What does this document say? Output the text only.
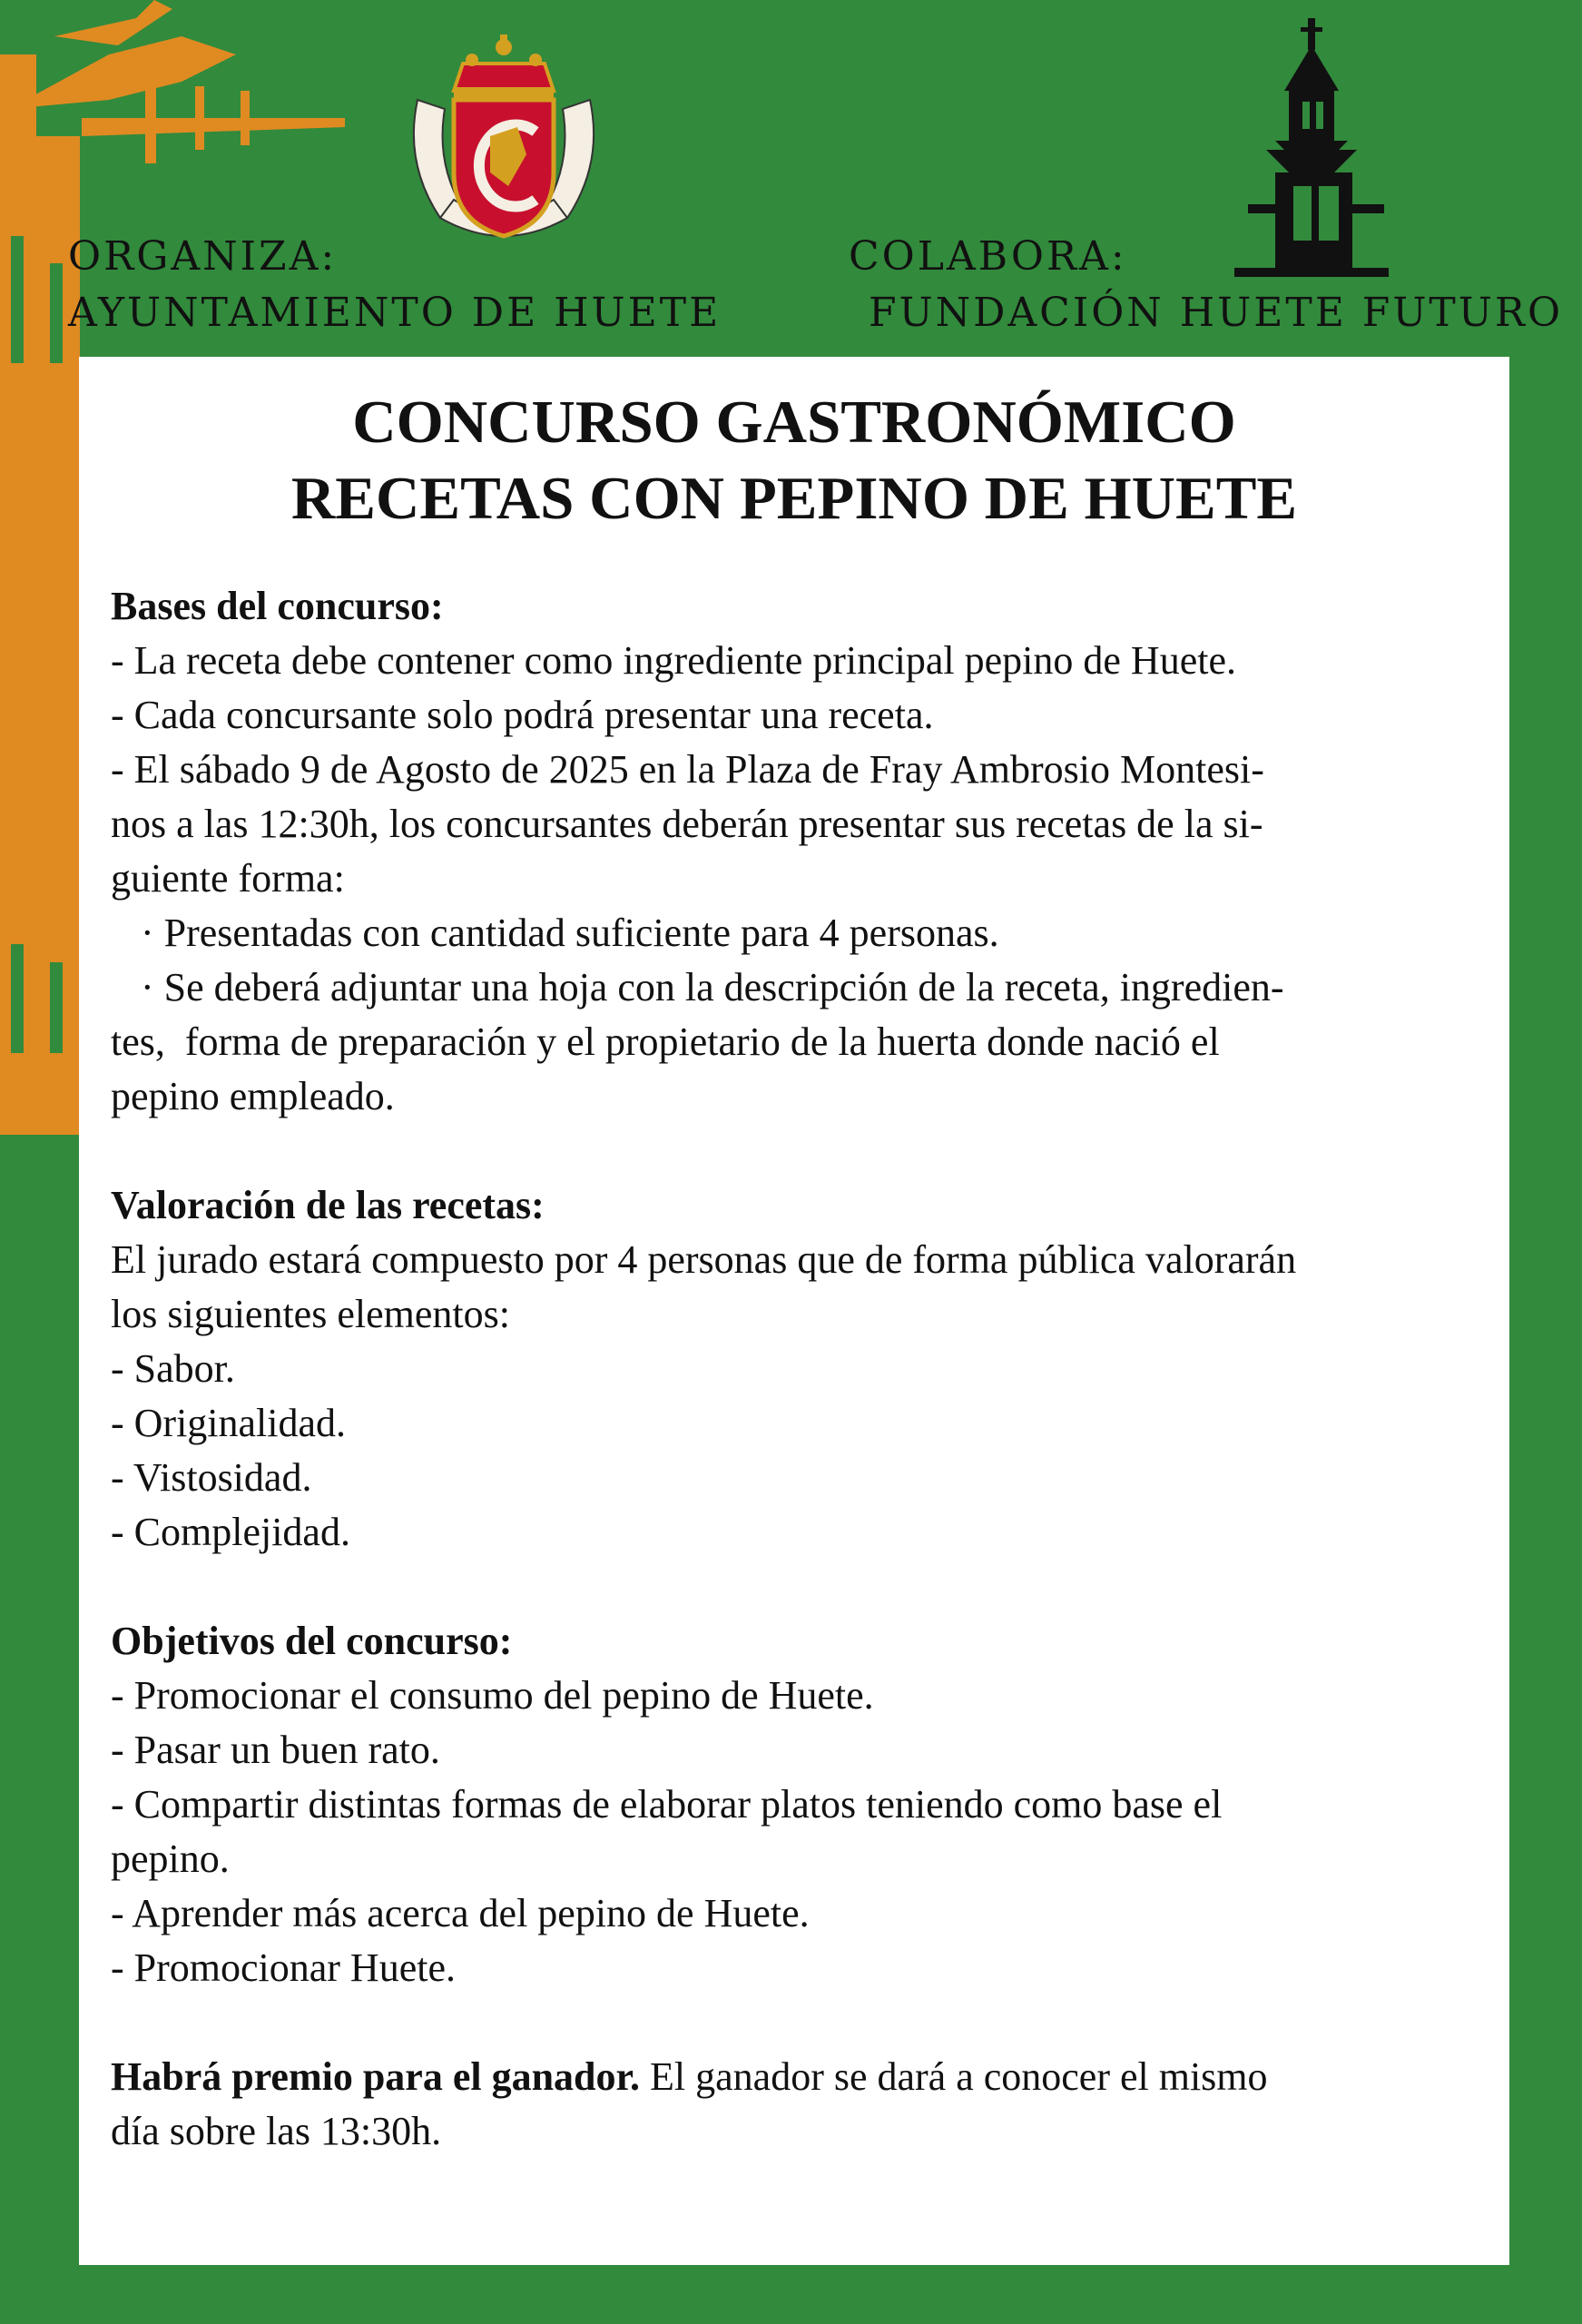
ORGANIZA:
AYUNTAMIENTO DE HUETE
COLABORA:
FUNDACIÓN HUETE FUTURO
CONCURSO GASTRONÓMICO
RECETAS CON PEPINO DE HUETE
Bases del concurso:
- La receta debe contener como ingrediente principal pepino de Huete.
- Cada concursante solo podrá presentar una receta.
- El sábado 9 de Agosto de 2025 en la Plaza de Fray Ambrosio Montesi-
nos a las 12:30h, los concursantes deberán presentar sus recetas de la si-
guiente forma:
· Presentadas con cantidad suficiente para 4 personas.
· Se deberá adjuntar una hoja con la descripción de la receta, ingredien-
tes,  forma de preparación y el propietario de la huerta donde nació el
pepino empleado.
Valoración de las recetas:
El jurado estará compuesto por 4 personas que de forma pública valorarán
los siguientes elementos:
- Sabor.
- Originalidad.
- Vistosidad.
- Complejidad.
Objetivos del concurso:
- Promocionar el consumo del pepino de Huete.
- Pasar un buen rato.
- Compartir distintas formas de elaborar platos teniendo como base el
pepino.
- Aprender más acerca del pepino de Huete.
- Promocionar Huete.
Habrá premio para el ganador. El ganador se dará a conocer el mismo
día sobre las 13:30h.
